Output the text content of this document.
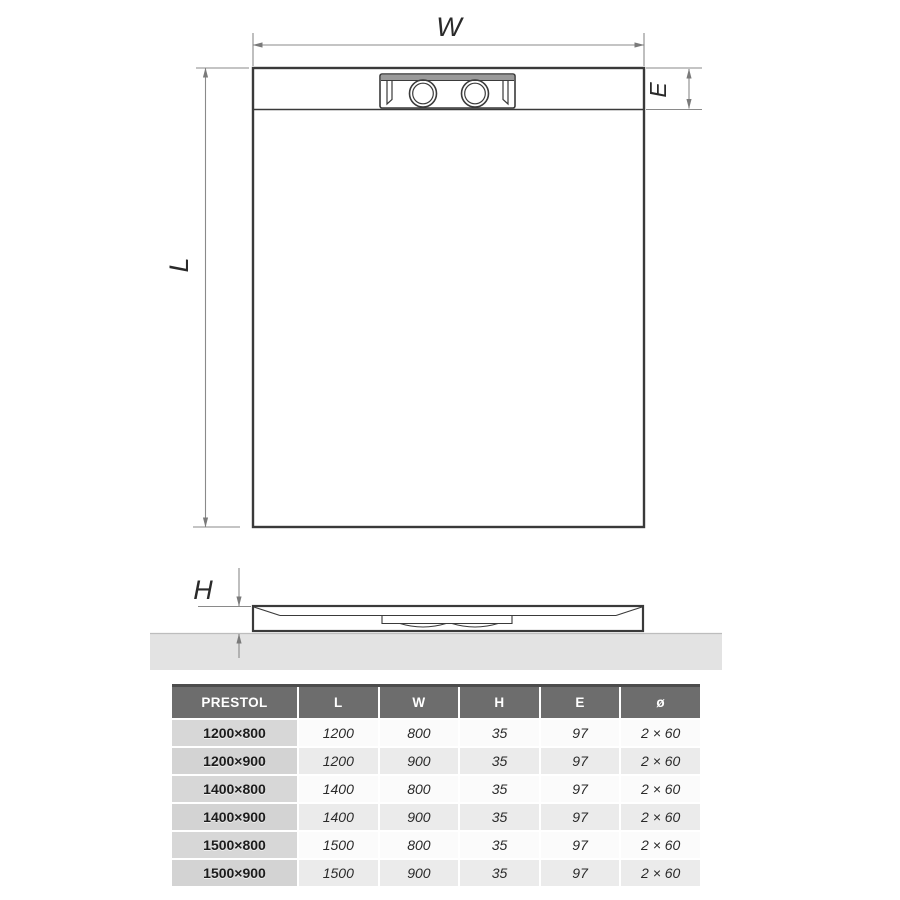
W
L
E
H
PRESTOL	L	W	H	E	ø
1200×800	1200	800	35	97	2 × 60
1200×900	1200	900	35	97	2 × 60
1400×800	1400	800	35	97	2 × 60
1400×900	1400	900	35	97	2 × 60
1500×800	1500	800	35	97	2 × 60
1500×900	1500	900	35	97	2 × 60
